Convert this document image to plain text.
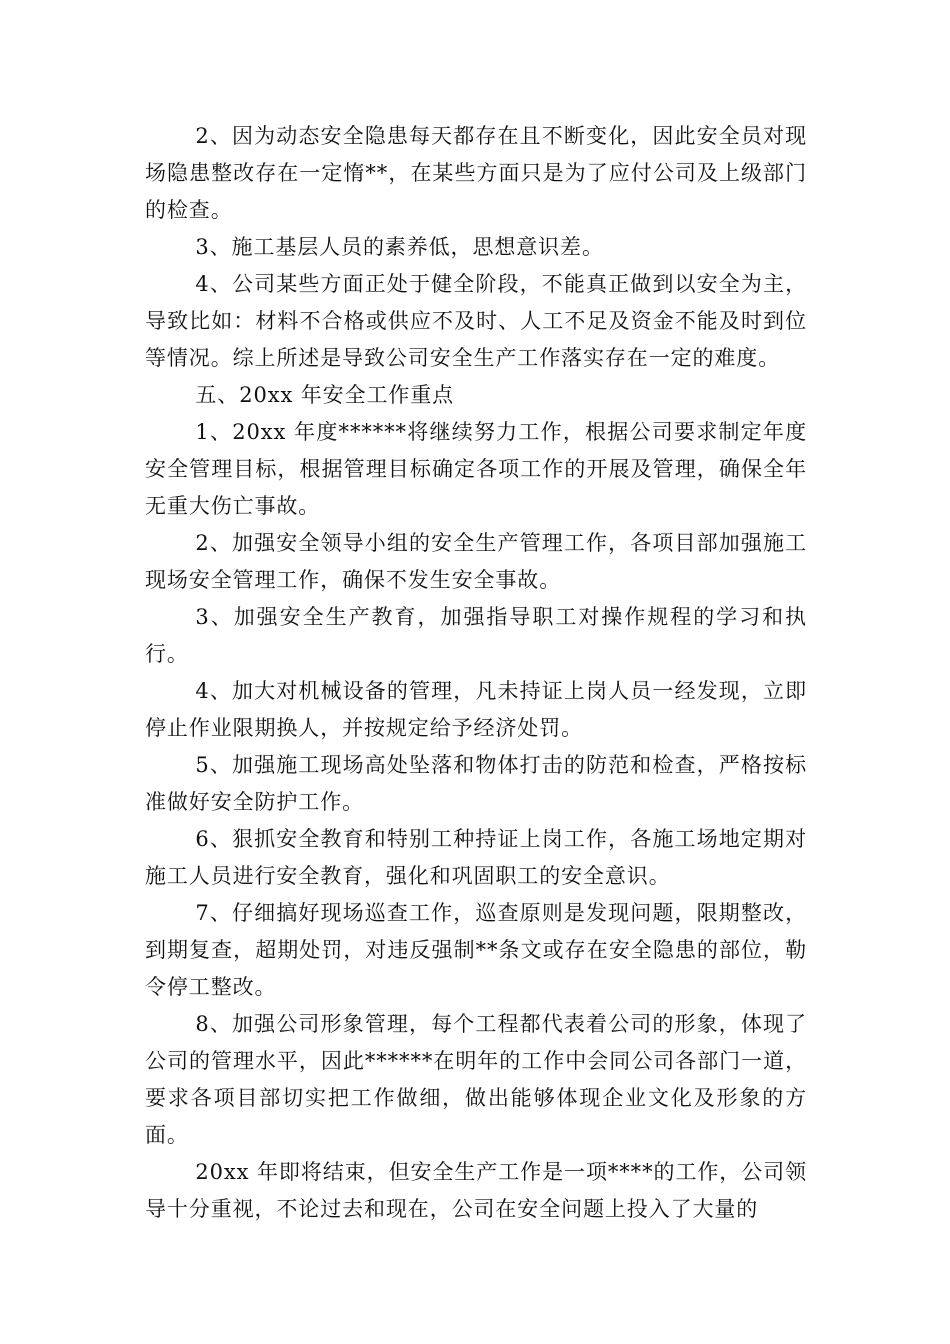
2、因为动态安全隐患每天都存在且不断变化，因此安全员对现场隐患整改存在一定惰**，在某些方面只是为了应付公司及上级部门的检查。

3、施工基层人员的素养低，思想意识差。

4、公司某些方面正处于健全阶段，不能真正做到以安全为主，导致比如：材料不合格或供应不及时、人工不足及资金不能及时到位等情况。综上所述是导致公司安全生产工作落实存在一定的难度。

五、20xx 年安全工作重点

1、20xx 年度******将继续努力工作，根据公司要求制定年度安全管理目标，根据管理目标确定各项工作的开展及管理，确保全年无重大伤亡事故。

2、加强安全领导小组的安全生产管理工作，各项目部加强施工现场安全管理工作，确保不发生安全事故。

3、加强安全生产教育，加强指导职工对操作规程的学习和执行。

4、加大对机械设备的管理，凡未持证上岗人员一经发现，立即停止作业限期换人，并按规定给予经济处罚。

5、加强施工现场高处坠落和物体打击的防范和检查，严格按标准做好安全防护工作。

6、狠抓安全教育和特别工种持证上岗工作，各施工场地定期对施工人员进行安全教育，强化和巩固职工的安全意识。

7、仔细搞好现场巡查工作，巡查原则是发现问题，限期整改，到期复查，超期处罚，对违反强制**条文或存在安全隐患的部位，勒令停工整改。

8、加强公司形象管理，每个工程都代表着公司的形象，体现了公司的管理水平，因此******在明年的工作中会同公司各部门一道，要求各项目部切实把工作做细，做出能够体现企业文化及形象的方面。

20xx 年即将结束，但安全生产工作是一项****的工作，公司领导十分重视，不论过去和现在，公司在安全问题上投入了大量的
